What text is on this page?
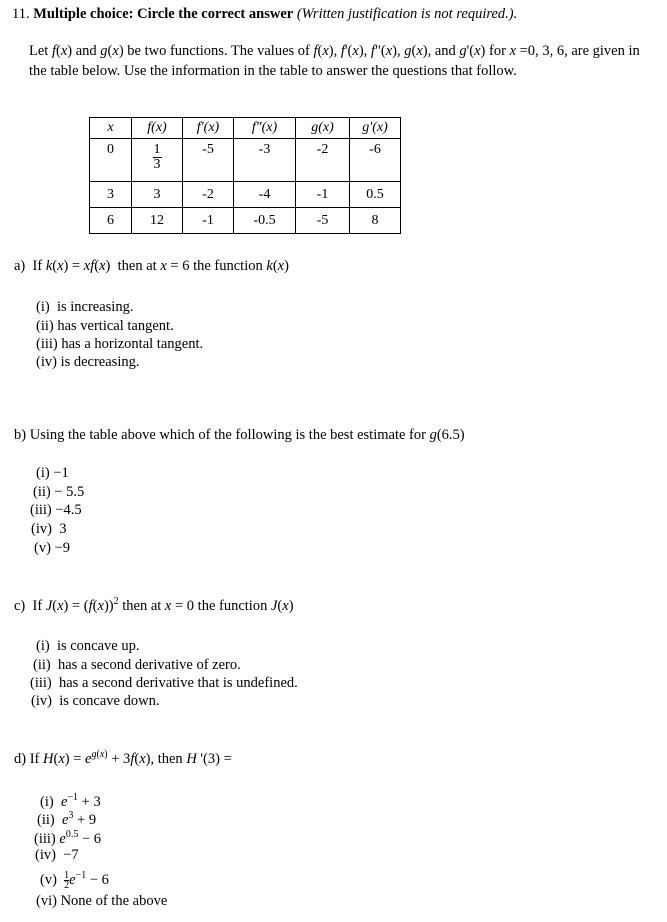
11. Multiple choice: Circle the correct answer (Written justification is not required.).
Let f(x) and g(x) be two functions. The values of f(x), f'(x), f"(x), g(x), and g'(x) for x =0, 3, 6, are given in the table below. Use the information in the table to answer the questions that follow.
x	f(x)	f'(x)	f"(x)	g(x)	g'(x)
0	$\frac{1}{3}$	-5	-3	-2	-6
3	3	-2	-4	-1	0.5
6	12	-1	-0.5	-5	8
a) If k(x) = xf(x)  then at x = 6 the function k(x)
(i) is increasing.
(ii) has vertical tangent.
(iii) has a horizontal tangent.
(iv) is decreasing.
b) Using the table above which of the following is the best estimate for g(6.5)
(i) −1
(ii) − 5.5
(iii) −4.5
(iv) 3
(v) −9
c) If $J(x) = (f(x))^2$ then at x = 0 the function J(x)
(i) is concave up.
(ii) has a second derivative of zero.
(iii) has a second derivative that is undefined.
(iv) is concave down.
d) If $H(x) = e^{g(x)} + 3f(x)$, then H '(3) =
(i) $e^{-1} + 3$
(ii) $e^3 + 9$
(iii) $e^{0.5} - 6$
(iv) −7
$(v) \frac{1}{2} e^{-1} - 6$
(vi) None of the above
